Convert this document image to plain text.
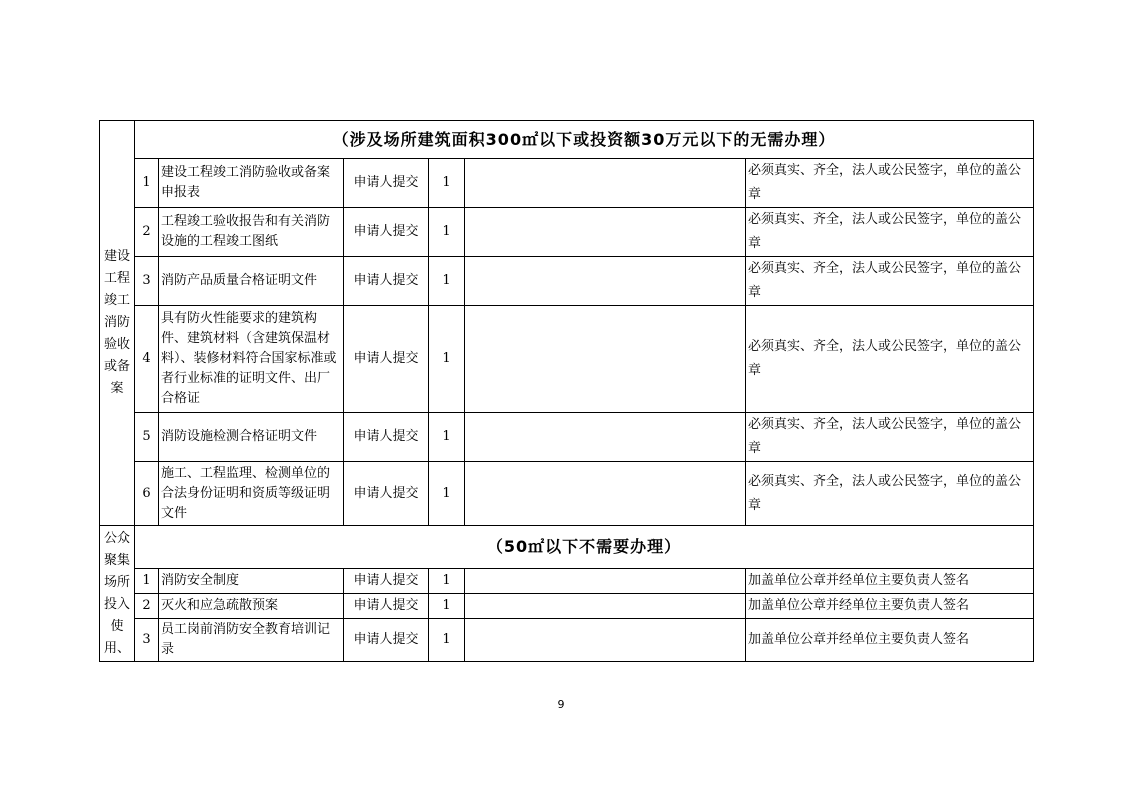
建设工程竣工消防验收或备案	（涉及场所建筑面积300㎡以下或投资额30万元以下的无需办理）					
	1	建设工程竣工消防验收或备案申报表	申请人提交	1		必须真实、齐全，法人或公民签字，单位的盖公章
	2	工程竣工验收报告和有关消防设施的工程竣工图纸	申请人提交	1		必须真实、齐全，法人或公民签字，单位的盖公章
	3	消防产品质量合格证明文件	申请人提交	1		必须真实、齐全，法人或公民签字，单位的盖公章
	4	具有防火性能要求的建筑构件、建筑材料（含建筑保温材料）、装修材料符合国家标准或者行业标准的证明文件、出厂合格证	申请人提交	1		必须真实、齐全，法人或公民签字，单位的盖公章
	5	消防设施检测合格证明文件	申请人提交	1		必须真实、齐全，法人或公民签字，单位的盖公章
	6	施工、工程监理、检测单位的合法身份证明和资质等级证明文件	申请人提交	1		必须真实、齐全，法人或公民签字，单位的盖公章

公众聚集场所投入使用、	（50㎡以下不需要办理）					
	1	消防安全制度	申请人提交	1		加盖单位公章并经单位主要负责人签名
	2	灭火和应急疏散预案	申请人提交	1		加盖单位公章并经单位主要负责人签名
	3	员工岗前消防安全教育培训记录	申请人提交	1		加盖单位公章并经单位主要负责人签名
9
